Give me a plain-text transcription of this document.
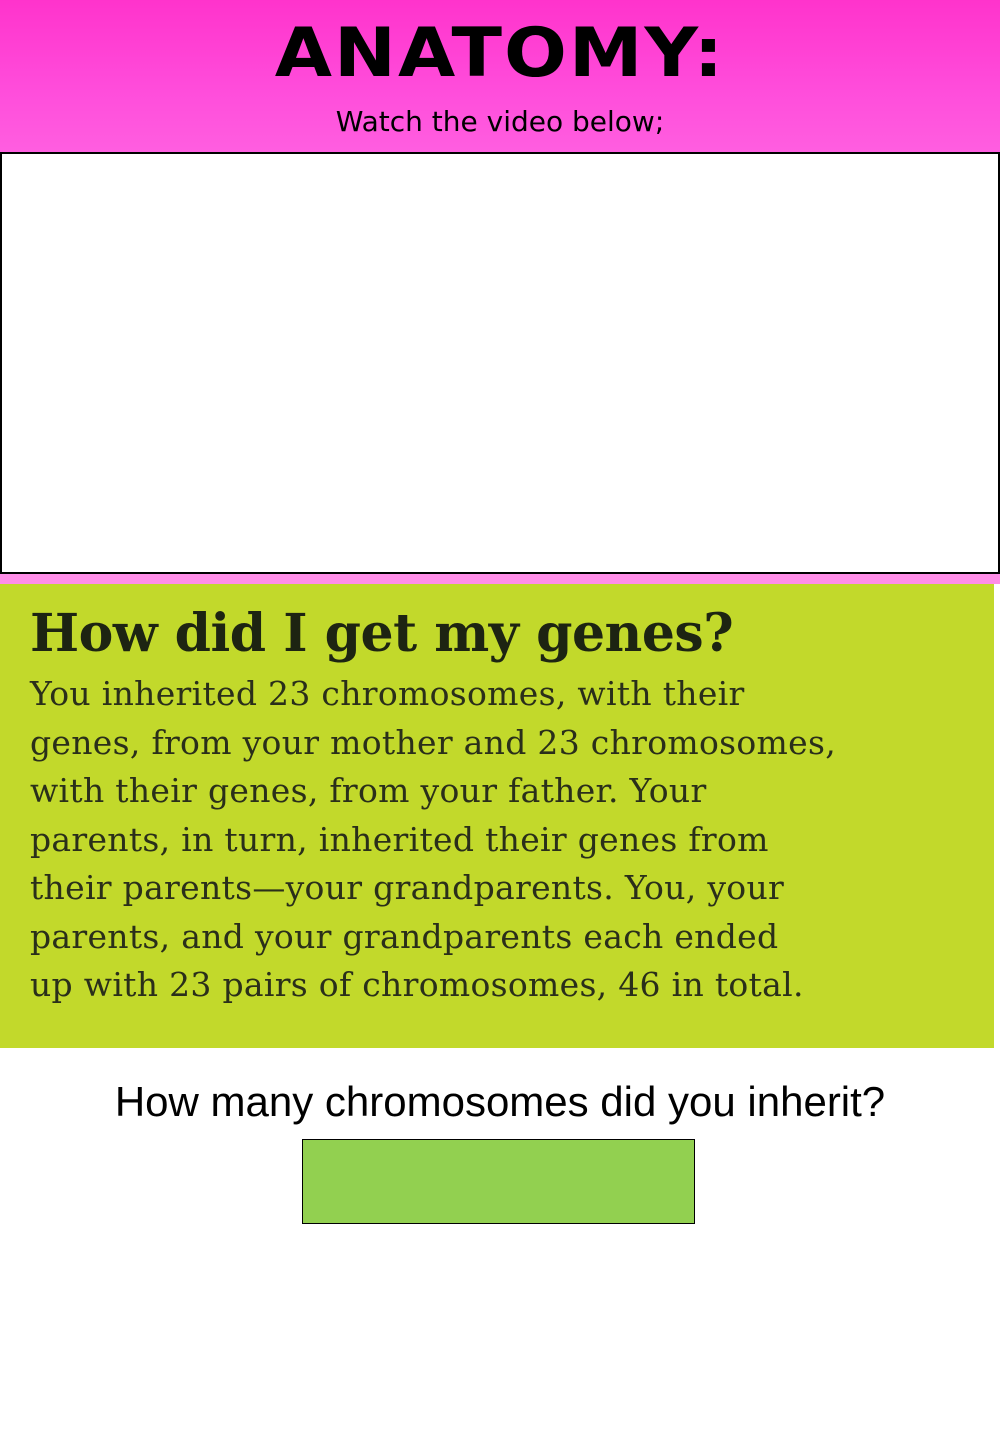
ANATOMY:
Watch the video below;
How did I get my genes?
You inherited 23 chromosomes, with their
genes, from your mother and 23 chromosomes,
with their genes, from your father. Your
parents, in turn, inherited their genes from
their parents—your grandparents. You, your
parents, and your grandparents each ended
up with 23 pairs of chromosomes, 46 in total.
How many chromosomes did you inherit?
